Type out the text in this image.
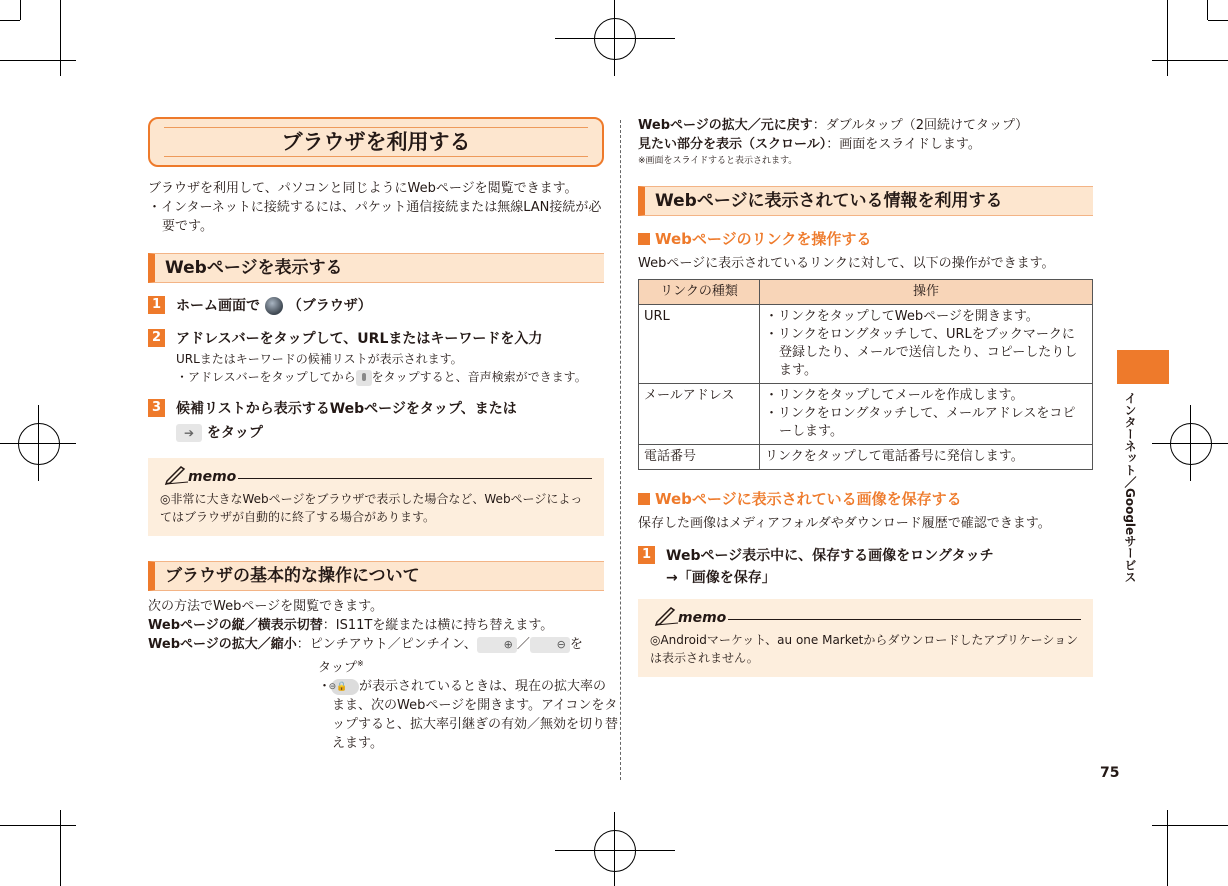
ブラウザを利用する

ブラウザを利用して、パソコンと同じようにWebページを閲覧できます。

・インターネットに接続するには、パケット通信接続または無線LAN接続が必要です。

Webページを表示する
1 ホーム画面で （ブラウザ）
2 アドレスバーをタップして、URLまたはキーワードを入力

URLまたはキーワードの候補リストが表示されます。

・アドレスバーをタップしてから をタップすると、音声検索ができます。

3 候補リストから表示するWebページをタップ、または
➔ をタップ
memo

◎非常に大きなWebページをブラウザで表示した場合など、Webページによってはブラウザが自動的に終了する場合があります。

ブラウザの基本的な操作について

次の方法でWebページを閲覧できます。

Webページの縦／横表示切替：IS11Tを縦または横に持ち替えます。

Webページの拡大／縮小：ピンチアウト／ピンチイン、 ⊕ ／ ⊖ を

タップ※

・⊖🔒 が表示されているときは、現在の拡大率のまま、次のWebページを開きます。アイコンをタップすると、拡大率引継ぎの有効／無効を切り替えます。

Webページの拡大／元に戻す：ダブルタップ（2回続けてタップ）

見たい部分を表示（スクロール）：画面をスライドします。

※画面をスライドすると表示されます。

Webページに表示されている情報を利用する
Webページのリンクを操作する

Webページに表示されているリンクに対して、以下の操作ができます。

リンクの種類	操作
URL	・リンクをタップしてWebページを開きます。

・リンクをロングタッチして、URLをブックマークに登録したり、メールで送信したり、コピーしたりします。

メールアドレス	・リンクをタップしてメールを作成します。

・リンクをロングタッチして、メールアドレスをコピーします。

電話番号	リンクをタップして電話番号に発信します。
Webページに表示されている画像を保存する

保存した画像はメディアフォルダやダウンロード履歴で確認できます。

1 Webページ表示中に、保存する画像をロングタッチ
→「画像を保存」
memo

◎Androidマーケット、au one Marketからダウンロードしたアプリケーションは表示されません。

インターネット／Googleサービス
75
